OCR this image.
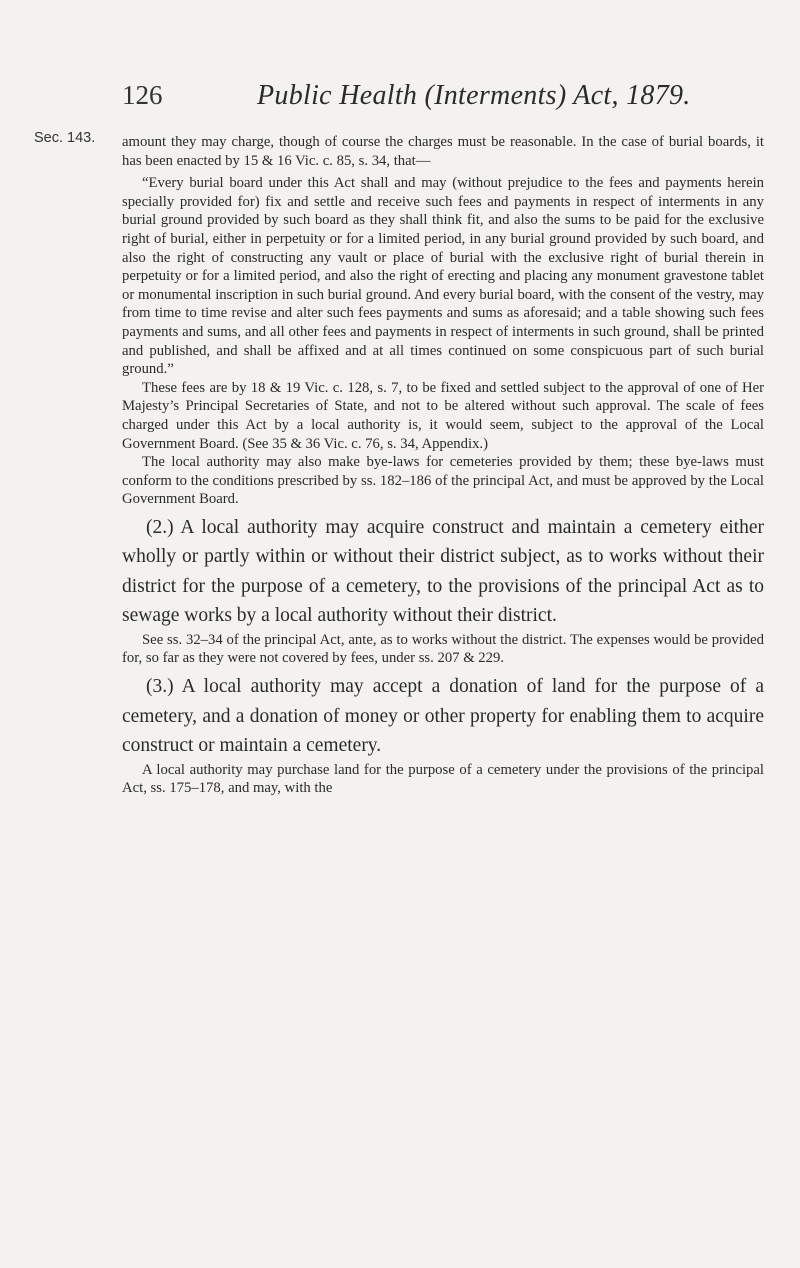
126	Public Health (Interments) Act, 1879.
Sec. 143. amount they may charge, though of course the charges must be reasonable. In the case of burial boards, it has been enacted by 15 & 16 Vic. c. 85, s. 34, that—

“Every burial board under this Act shall and may (without prejudice to the fees and payments herein specially provided for) fix and settle and receive such fees and payments in respect of interments in any burial ground provided by such board as they shall think fit, and also the sums to be paid for the exclusive right of burial, either in perpetuity or for a limited period, in any burial ground provided by such board, and also the right of constructing any vault or place of burial with the exclusive right of burial therein in perpetuity or for a limited period, and also the right of erecting and placing any monument gravestone tablet or monumental inscription in such burial ground. And every burial board, with the consent of the vestry, may from time to time revise and alter such fees payments and sums as aforesaid; and a table showing such fees payments and sums, and all other fees and payments in respect of interments in such ground, shall be printed and published, and shall be affixed and at all times continued on some conspicuous part of such burial ground.”

These fees are by 18 & 19 Vic. c. 128, s. 7, to be fixed and settled subject to the approval of one of Her Majesty’s Principal Secretaries of State, and not to be altered without such approval. The scale of fees charged under this Act by a local authority is, it would seem, subject to the approval of the Local Government Board. (See 35 & 36 Vic. c. 76, s. 34, Appendix.)

The local authority may also make bye-laws for cemeteries provided by them; these bye-laws must conform to the conditions prescribed by ss. 182–186 of the principal Act, and must be approved by the Local Government Board.

(2.) A local authority may acquire construct and maintain a cemetery either wholly or partly within or without their district subject, as to works without their district for the purpose of a cemetery, to the provisions of the principal Act as to sewage works by a local authority without their district.

See ss. 32–34 of the principal Act, ante, as to works without the district. The expenses would be provided for, so far as they were not covered by fees, under ss. 207 & 229.

(3.) A local authority may accept a donation of land for the purpose of a cemetery, and a donation of money or other property for enabling them to acquire construct or maintain a cemetery.

A local authority may purchase land for the purpose of a cemetery under the provisions of the principal Act, ss. 175–178, and may, with the
